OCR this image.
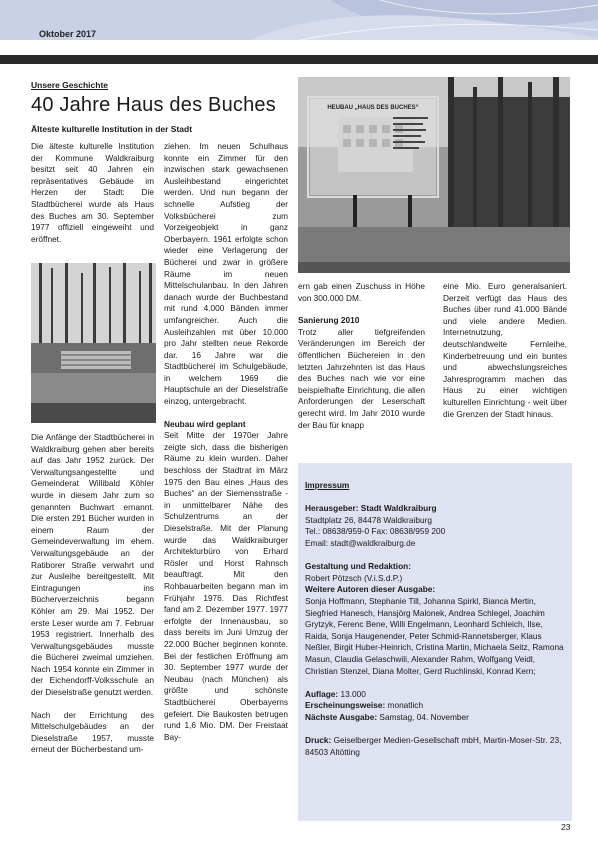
Oktober 2017
Unsere Geschichte
40 Jahre Haus des Buches
Älteste kulturelle Institution in der Stadt
HEUBAU „HAUS DES BUCHES“

Die älteste kulturelle Institution der Kommune Waldkraiburg besitzt seit 40 Jahren ein repräsentatives Gebäude im Herzen der Stadt: Die Stadtbücherei wurde als Haus des Buches am 30. September 1977 offiziell eingeweiht und eröffnet.

Die Anfänge der Stadtbücherei in Waldkraiburg gehen aber bereits auf das Jahr 1952 zurück. Der Verwaltungsangestellte und Gemeinderat Willibald Köhler wurde in diesem Jahr zum so genannten Buchwart ernannt. Die ersten 291 Bücher wurden in einem Raum der Gemeindeverwaltung im ehem. Verwaltungsgebäude an der Ratiborer Straße verwahrt und zur Ausleihe bereitgestellt. Mit Eintragungen ins Bücherverzeichnis begann Köhler am 29. Mai 1952. Der erste Leser wurde am 7. Februar 1953 registriert. Innerhalb des Verwaltungsgebäudes musste die Bücherei zweimal umziehen. Nach 1954 konnte ein Zimmer in der Eichendorff-Volksschule an der Dieselstraße genutzt werden.

Nach der Errichtung des Mittelschulgebäudes an der Dieselstraße 1957, musste erneut der Bücherbestand um-

ziehen. Im neuen Schulhaus konnte ein Zimmer für den inzwischen stark gewachsenen Ausleihbestand eingerichtet werden. Und nun begann der schnelle Aufstieg der Volksbücherei zum Vorzeigeobjekt in ganz Oberbayern. 1961 erfolgte schon wieder eine Verlagerung der Bücherei und zwar in größere Räume im neuen Mittelschulanbau. In den Jahren danach wurde der Buchbestand mit rund 4.000 Bänden immer umfangreicher. Auch die Ausleihzahlen mit über 10.000 pro Jahr stellten neue Rekorde dar. 16 Jahre war die Stadtbücherei im Schulgebäude, in welchem 1969 die Hauptschule an der Dieselstraße einzog, untergebracht.

Neubau wird geplant

Seit Mitte der 1970er Jahre zeigte sich, dass die bisherigen Räume zu klein wurden. Daher beschloss der Stadtrat im März 1975 den Bau eines „Haus des Buches“ an der Siemensstraße - in unmittelbarer Nähe des Schulzentrums an der Dieselstraße. Mit der Planung wurde das Waldkraiburger Architekturbüro von Erhard Rösler und Horst Rahnsch beauftragt. Mit den Rohbauarbeiten begann man im Frühjahr 1976. Das Richtfest fand am 2. Dezember 1977. 1977 erfolgte der Innenausbau, so dass bereits im Juni Umzug der 22.000 Bücher beginnen konnte. Bei der festlichen Eröffnung am 30. September 1977 wurde der Neubau (nach München) als größte und schönste Stadtbücherei Oberbayerns gefeiert. Die Baukosten betrugen rund 1,6 Mio. DM. Der Freistaat Bay-

ern gab einen Zuschuss in Höhe von 300.000 DM.

Sanierung 2010

Trotz aller tiefgreifenden Veränderungen im Bereich der öffentlichen Büchereien in den letzten Jahrzehnten ist das Haus des Buches nach wie vor eine beispielhafte Einrichtung, die allen Anforderungen der Leserschaft gerecht wird. Im Jahr 2010 wurde der Bau für knapp

eine Mio. Euro generalsaniert. Derzeit verfügt das Haus des Buches über rund 41.000 Bände und viele andere Medien. Internetnutzung, deutschlandweite Fernleihe, Kinderbetreuung und ein buntes und abwechslungsreiches Jahresprogramm machen das Haus zu einer wichtigen kulturellen Einrichtung - weit über die Grenzen der Stadt hinaus.

Impressum
Herausgeber: Stadt Waldkraiburg
Stadtplatz 26, 84478 Waldkraiburg
Tel.: 08638/959-0 Fax: 08638/959 200
Email: stadt@waldkraiburg.de
Gestaltung und Redaktion:
Robert Pötzsch (V.i.S.d.P.)
Weitere Autoren dieser Ausgabe:
Sonja Hoffmann, Stephanie Till, Johanna Spirkl, Bianca Mertin, Siegfried Hanesch, Hansjörg Malonek, Andrea Schlegel, Joachim Grytzyk, Ferenc Bene, Willi Engelmann, Leonhard Schleich, Ilse, Raida, Sonja Haugenender, Peter Schmid-Rannetsberger, Klaus Neßler, Birgit Huber-Heinrich, Cristina Martin, Michaela Seitz, Ramona Masun, Claudia Gelaschwili, Alexander Rahm, Wolfgang Veidl, Christian Stenzel, Diana Molter, Gerd Ruchlinski, Konrad Kern;
Auflage: 13.000
Erscheinungsweise: monatlich
Nächste Ausgabe: Samstag, 04. November
Druck: Geiselberger Medien-Gesellschaft mbH, Martin-Moser-Str. 23, 84503 Altötting
23
